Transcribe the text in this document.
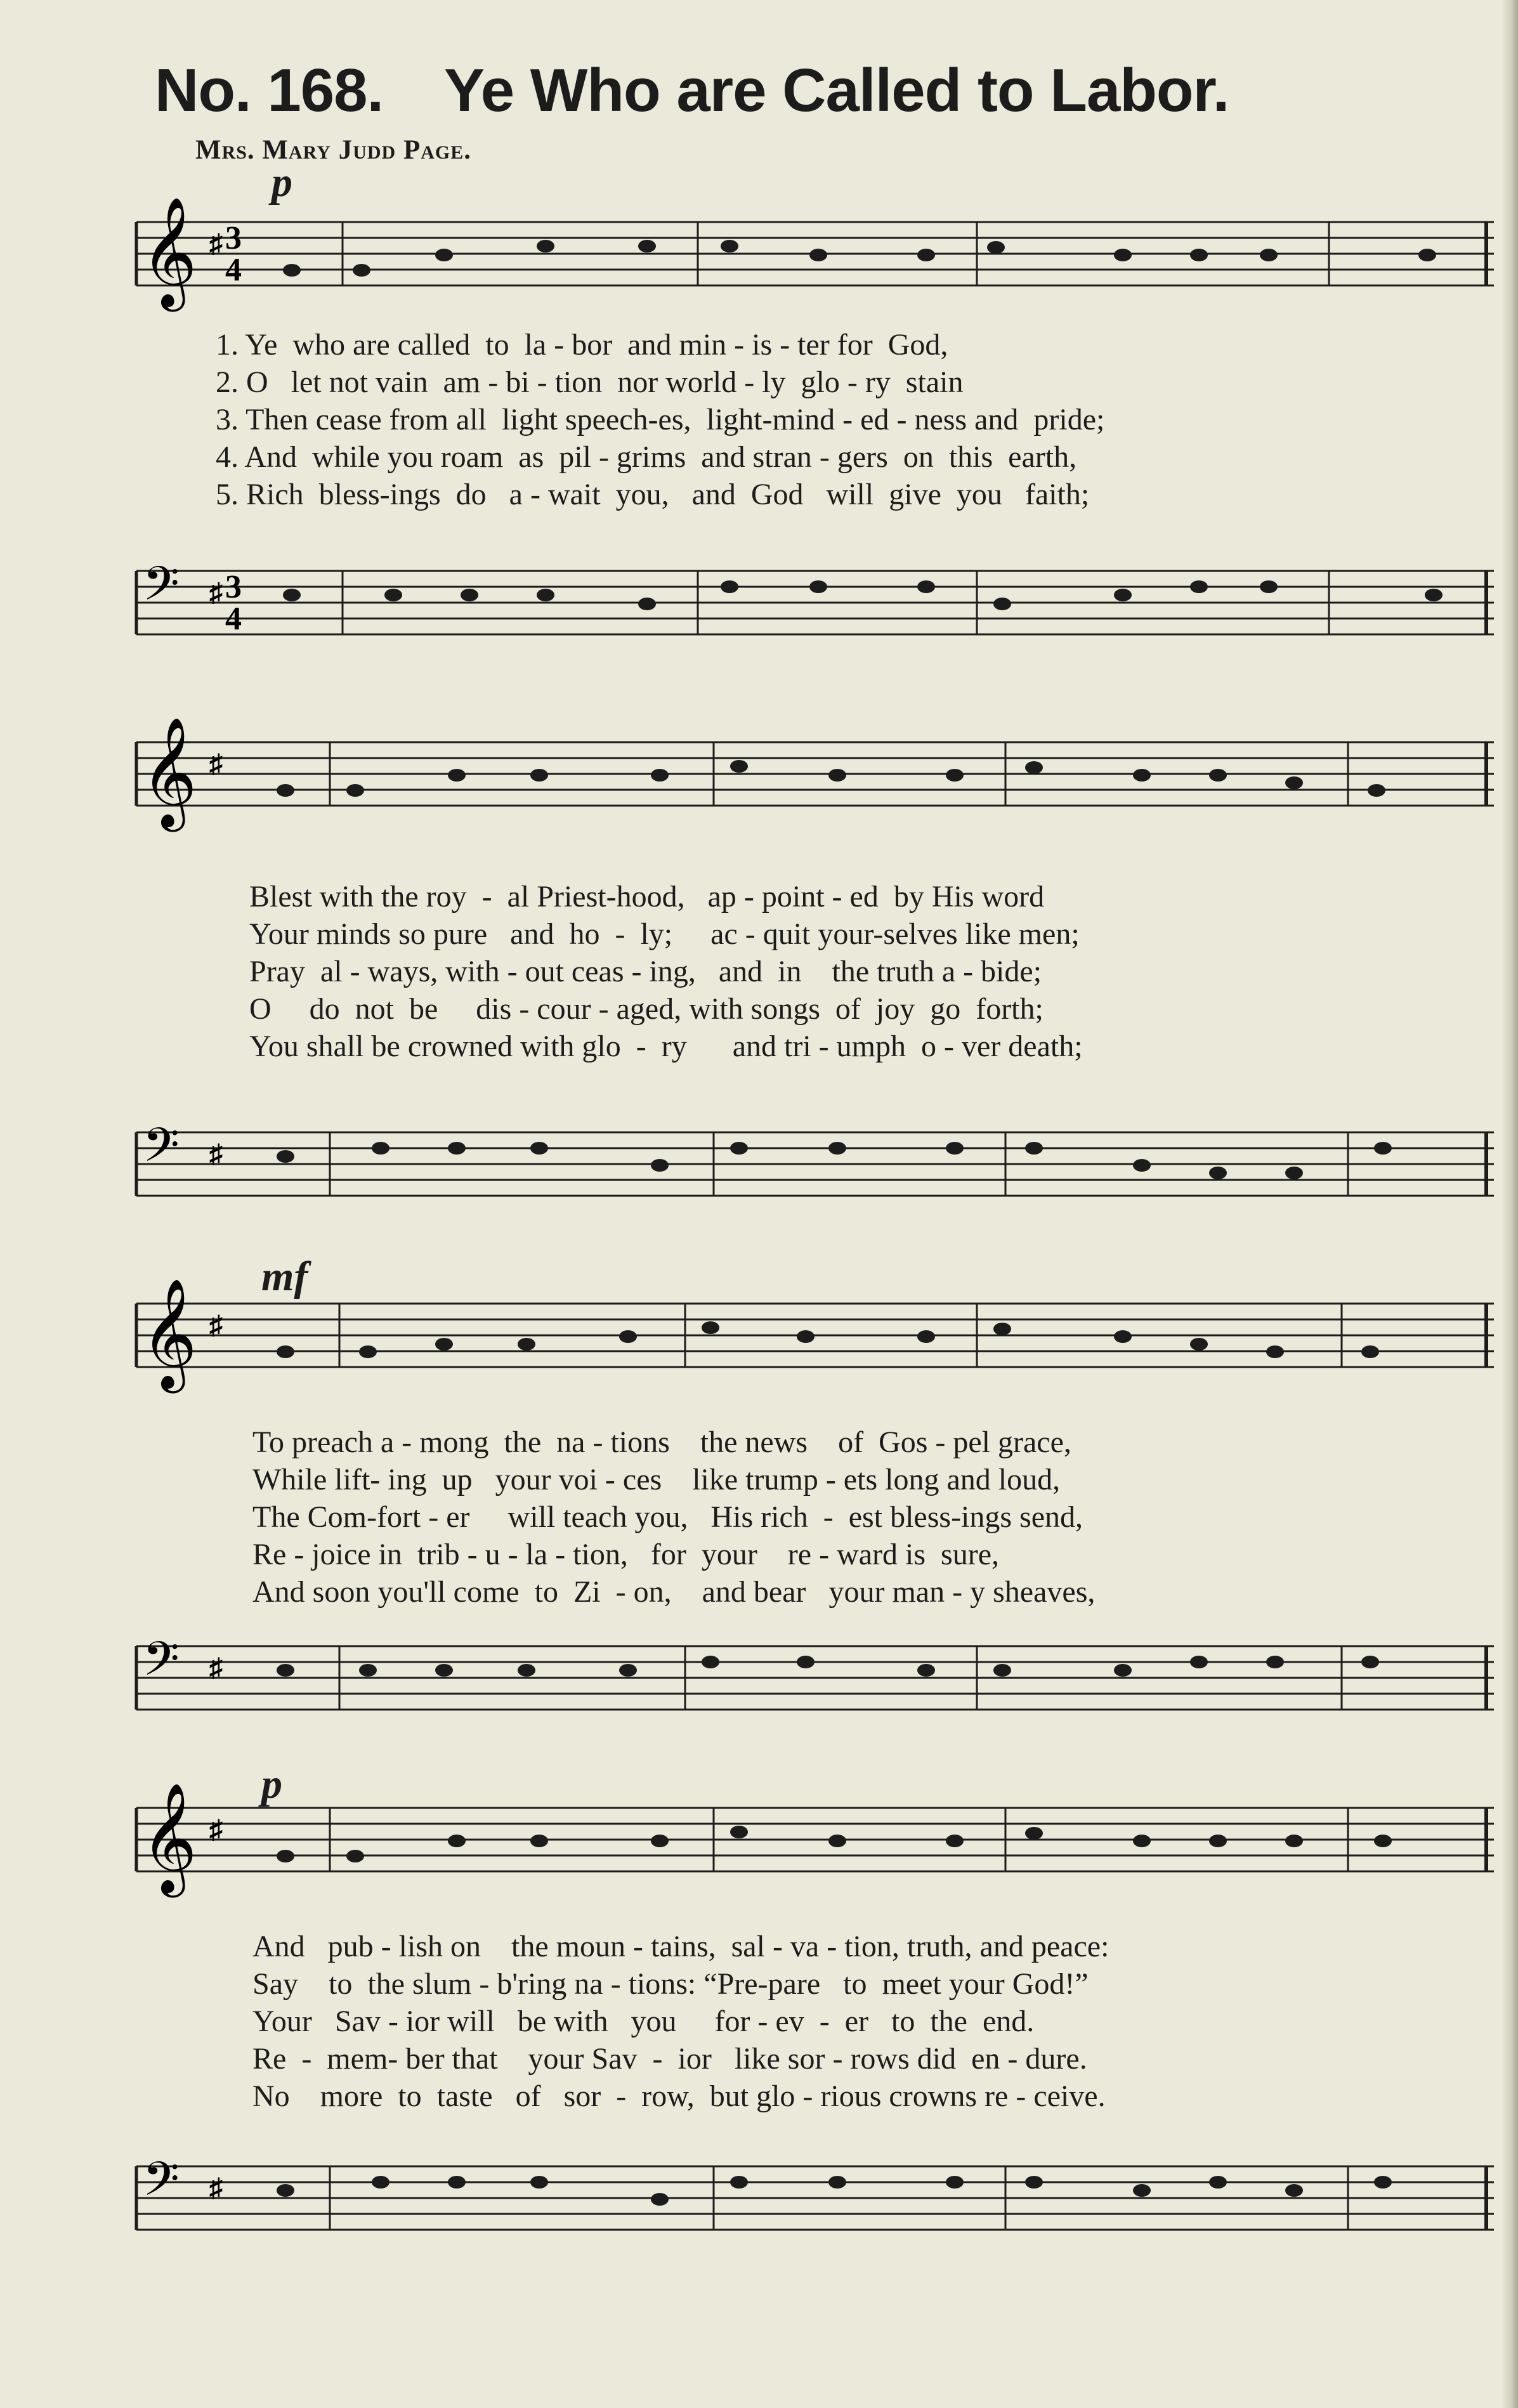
No. 168. Ye Who are Called to Labor.
Mrs. Mary Judd Page.
p
mf
p
𝄞 ♯ 3
4
1. Ye  who are called  to  la - bor  and min - is - ter for  God,
2. O   let not vain  am - bi - tion  nor world - ly  glo - ry  stain
3. Then cease from all  light speech-es,  light-mind - ed - ness and  pride;
4. And  while you roam  as  pil - grims  and stran - gers  on  this  earth,
5. Rich  bless-ings  do   a - wait  you,   and  God   will  give  you   faith;
𝄢 ♯ 3
4
𝄞 ♯
Blest with the roy  -  al Priest-hood,   ap - point - ed  by His word
Your minds so pure   and  ho  -  ly;     ac - quit your-selves like men;
Pray  al - ways, with - out ceas - ing,   and  in    the truth a - bide;
O     do  not  be     dis - cour - aged, with songs  of  joy  go  forth;
You shall be crowned with glo  -  ry      and tri - umph  o - ver death;
𝄢 ♯
𝄞 ♯
To preach a - mong  the  na - tions    the news    of  Gos - pel grace,
While lift- ing  up   your voi - ces    like trump - ets long and loud,
The Com-fort - er     will teach you,   His rich  -  est bless-ings send,
Re - joice in  trib - u - la - tion,   for  your    re - ward is  sure,
And soon you'll come  to  Zi  - on,    and bear   your man - y sheaves,
𝄢 ♯
𝄞 ♯
And   pub - lish on    the moun - tains,  sal - va - tion, truth, and peace:
Say    to  the slum - b'ring na - tions: “Pre-pare   to  meet your God!”
Your   Sav - ior will   be with   you     for - ev  -  er   to  the  end.
Re  -  mem- ber that    your Sav  -  ior   like sor - rows did  en - dure.
No    more  to  taste   of   sor  -  row,  but glo - rious crowns re - ceive.
𝄢 ♯
